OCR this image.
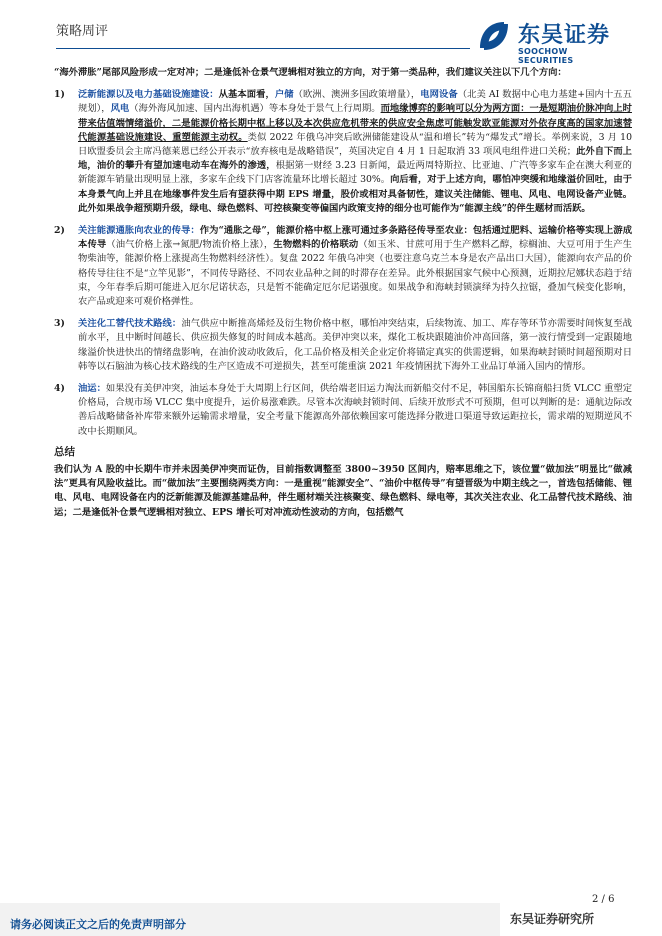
策略周评	东吴证券
SOOCHOW SECURITIES

“海外滞胀”尾部风险形成一定对冲；二是逢低补仓景气逻辑相对独立的方向，对于第一类品种，我们建议关注以下几个方向：

1) 泛新能源以及电力基础设施建设：从基本面看，户储（欧洲、澳洲多国政策增量），电网设备（北美 AI 数据中心电力基建+国内十五五规划），风电（海外海风加速、国内出海机遇）等本身处于景气上行周期。而地缘博弈的影响可以分为两方面：一是短期油价脉冲向上时带来估值端情绪溢价，二是能源价格长期中枢上移以及本次供应危机带来的供应安全焦虑可能触发欧亚能源对外依存度高的国家加速替代能源基础设施建设、重塑能源主动权。类似 2022 年俄乌冲突后欧洲储能建设从“温和增长”转为“爆发式”增长。举例来说，3 月 10 日欧盟委员会主席冯德莱恩已经公开表示“放弃核电是战略错误”，英国决定自 4 月 1 日起取消 33 项风电组件进口关税；此外自下而上地，油价的攀升有望加速电动车在海外的渗透，根据第一财经 3.23 日新闻，最近两周特斯拉、比亚迪、广汽等多家车企在澳大利亚的新能源车销量出现明显上涨，多家车企线下门店客流量环比增长超过 30%。向后看，对于上述方向，哪怕冲突缓和地缘溢价回吐，由于本身景气向上并且在地缘事件发生后有望获得中期 EPS 增量，股价或相对具备韧性，建议关注储能、锂电、风电、电网设备产业链。此外如果战争超预期升级，绿电、绿色燃料、可控核聚变等偏国内政策支持的细分也可能作为“能源主线”的伴生题材而活跃。

2) 关注能源通胀向农业的传导：作为“通胀之母”，能源价格中枢上涨可通过多条路径传导至农业：包括通过肥料、运输价格等实现上游成本传导（油气价格上涨→氮肥/物流价格上涨），生物燃料的价格联动（如玉米、甘蔗可用于生产燃料乙醇，棕榈油、大豆可用于生产生物柴油等，能源价格上涨提高生物燃料经济性）。复盘 2022 年俄乌冲突（也要注意乌克兰本身是农产品出口大国），能源向农产品的价格传导往往不是“立竿见影”，不同传导路径、不同农业品种之间的时滞存在差异。此外根据国家气候中心预测，近期拉尼娜状态趋于结束，今年春季后期可能进入厄尔尼诺状态，只是暂不能确定厄尔尼诺强度。如果战争和海峡封锁演绎为持久拉锯，叠加气候变化影响，农产品或迎来可观价格弹性。

3) 关注化工替代技术路线：油气供应中断推高烯烃及衍生物价格中枢，哪怕冲突结束，后续物流、加工、库存等环节亦需要时间恢复至战前水平，且中断时间越长、供应损失修复的时间成本越高。美伊冲突以来，煤化工板块跟随油价冲高回落，第一波行情受到一定跟随地缘溢价快进快出的情绪盘影响，在油价波动收敛后，化工品价格及相关企业定价将锚定真实的供需逻辑，如果海峡封锁时间超预期对日韩等以石脑油为核心技术路线的生产区造成不可逆损失，甚至可能重演 2021 年疫情困扰下海外工业品订单涌入国内的情形。

4) 油运：如果没有美伊冲突，油运本身处于大周期上行区间，供给端老旧运力淘汰而新船交付不足，韩国船东长锦商船扫货 VLCC 重塑定价格局，合规市场 VLCC 集中度提升，运价易涨难跌。尽管本次海峡封锁时间、后续开放形式不可预期，但可以判断的是：通航边际改善后战略储备补库带来额外运输需求增量，安全考量下能源高外部依赖国家可能选择分散进口渠道导致运距拉长，需求端的短期逆风不改中长期顺风。

总结

我们认为 A 股的中长期牛市并未因美伊冲突而证伪，目前指数调整至 3800~3950 区间内，赔率思维之下，该位置“做加法”明显比“做减法”更具有风险收益比。而“做加法”主要围绕两类方向：一是重视“能源安全”、“油价中枢传导”有望晋级为中期主线之一，首选包括储能、锂电、风电、电网设备在内的泛新能源及能源基建品种，伴生题材端关注核聚变、绿色燃料、绿电等，其次关注农业、化工品替代技术路线、油运；二是逢低补仓景气逻辑相对独立、EPS 增长可对冲流动性波动的方向，包括燃气

2 / 6
请务必阅读正文之后的免责声明部分	东吴证券研究所
